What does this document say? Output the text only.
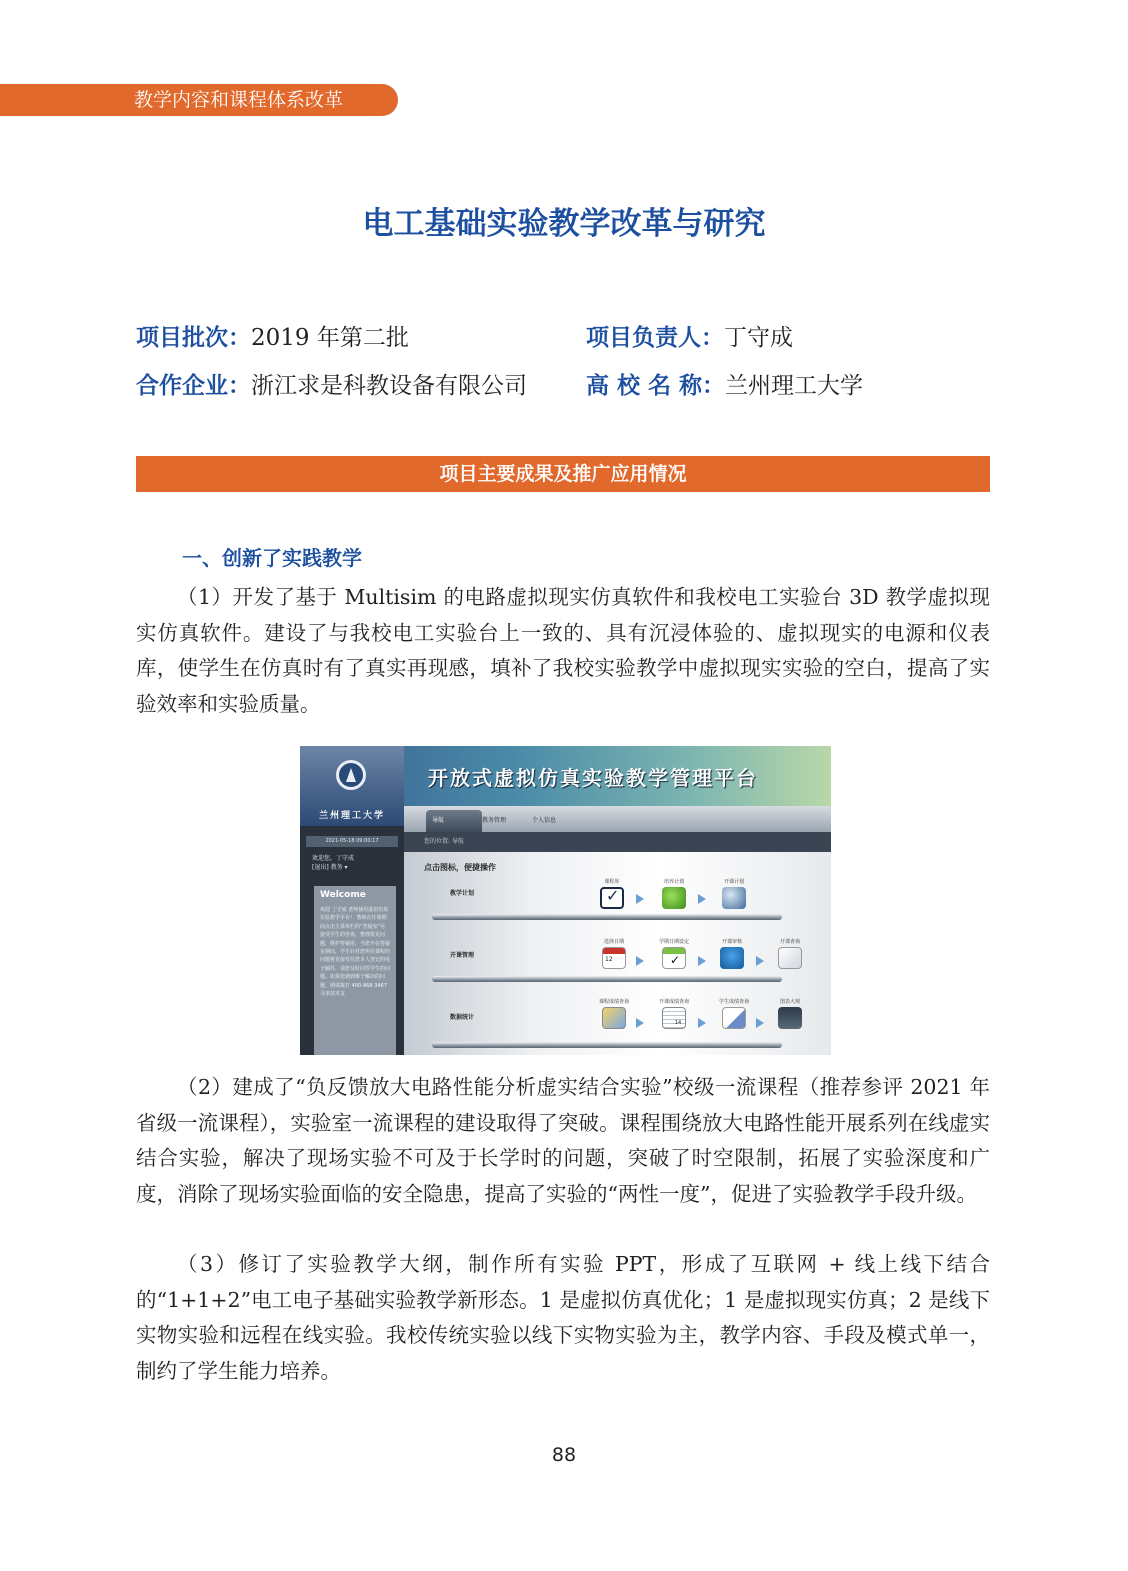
教学内容和课程体系改革
电工基础实验教学改革与研究
项目批次：2019 年第二批
合作企业：浙江求是科教设备有限公司
项目负责人：丁守成
高 校 名 称：兰州理工大学
项目主要成果及推广应用情况
一、创新了实践教学

（1）开发了基于 Multisim 的电路虚拟现实仿真软件和我校电工实验台 3D 教学虚拟现实仿真软件。建设了与我校电工实验台上一致的、具有沉浸体验的、虚拟现实的电源和仪表库，使学生在仿真时有了真实再现感，填补了我校实验教学中虚拟现实实验的空白，提高了实验效率和实验质量。

兰州理工大学
开放式虚拟仿真实验教学管理平台
导航	教务管理	个人信息
您的位置: 导航
2021-05-18 09:00:17
欢迎您，丁守成
[退出] 教务 ▾
Welcome
欢迎 丁守成 老师使用虚拟仿真实验教学平台！ 教师在任课期间点击主菜单栏的“答疑室”可接受学生的咨询，整理常见问题，维护答疑库，当您不在答疑室期间，学生针对您所任课程的问题将直接发往您本人登记的电子邮件，请您及时回答学生的问题。如果您遇到难于解决的问题，则请拨打 400-868-3467寻求技术支
点击图标，便捷操作
教学计划
课程库
✓	培养计划	开课计划
开课管理
选择日期
12
学期日期设定
✓	开课审核	开课查询
数据统计
课程成绩查询	开课成绩查询
14
学生成绩查询	图表大观

（2）建成了“负反馈放大电路性能分析虚实结合实验”校级一流课程（推荐参评 2021 年省级一流课程），实验室一流课程的建设取得了突破。课程围绕放大电路性能开展系列在线虚实结合实验，解决了现场实验不可及于长学时的问题，突破了时空限制，拓展了实验深度和广度，消除了现场实验面临的安全隐患，提高了实验的“两性一度”，促进了实验教学手段升级。

（3）修订了实验教学大纲，制作所有实验 PPT，形成了互联网 + 线上线下结合的“1+1+2”电工电子基础实验教学新形态。1 是虚拟仿真优化；1 是虚拟现实仿真；2 是线下实物实验和远程在线实验。我校传统实验以线下实物实验为主，教学内容、手段及模式单一，制约了学生能力培养。

88
